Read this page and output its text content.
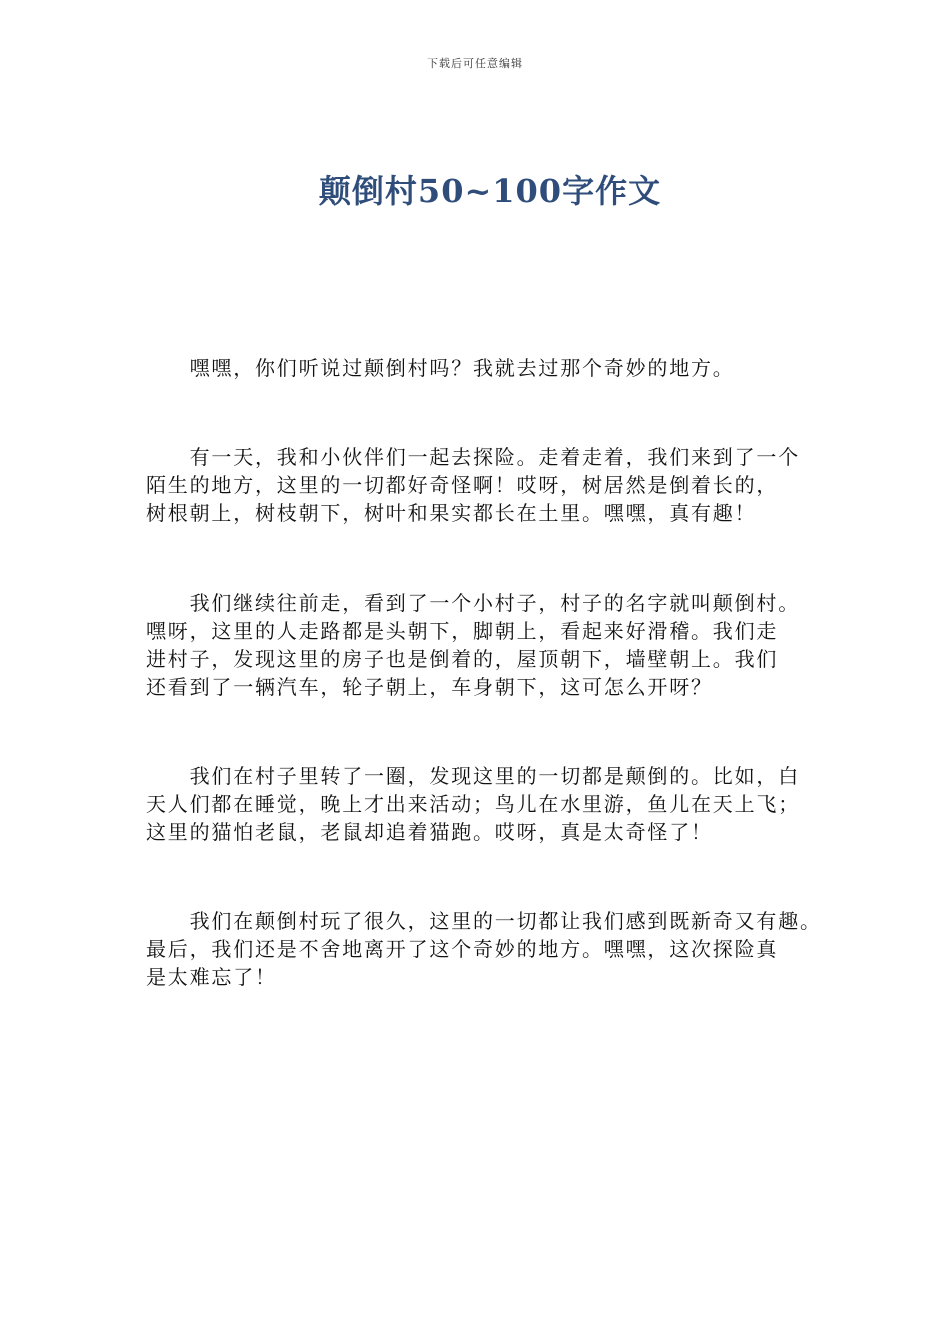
下载后可任意编辑
颠倒村50~100字作文

　　嘿嘿，你们听说过颠倒村吗？我就去过那个奇妙的地方。

　　有一天，我和小伙伴们一起去探险。走着走着，我们来到了一个
陌生的地方，这里的一切都好奇怪啊！哎呀，树居然是倒着长的，
树根朝上，树枝朝下，树叶和果实都长在土里。嘿嘿，真有趣！

　　我们继续往前走，看到了一个小村子，村子的名字就叫颠倒村。
嘿呀，这里的人走路都是头朝下，脚朝上，看起来好滑稽。我们走
进村子，发现这里的房子也是倒着的，屋顶朝下，墙壁朝上。我们
还看到了一辆汽车，轮子朝上，车身朝下，这可怎么开呀？

　　我们在村子里转了一圈，发现这里的一切都是颠倒的。比如，白
天人们都在睡觉，晚上才出来活动；鸟儿在水里游，鱼儿在天上飞；
这里的猫怕老鼠，老鼠却追着猫跑。哎呀，真是太奇怪了！

　　我们在颠倒村玩了很久，这里的一切都让我们感到既新奇又有趣。
最后，我们还是不舍地离开了这个奇妙的地方。嘿嘿，这次探险真
是太难忘了！
